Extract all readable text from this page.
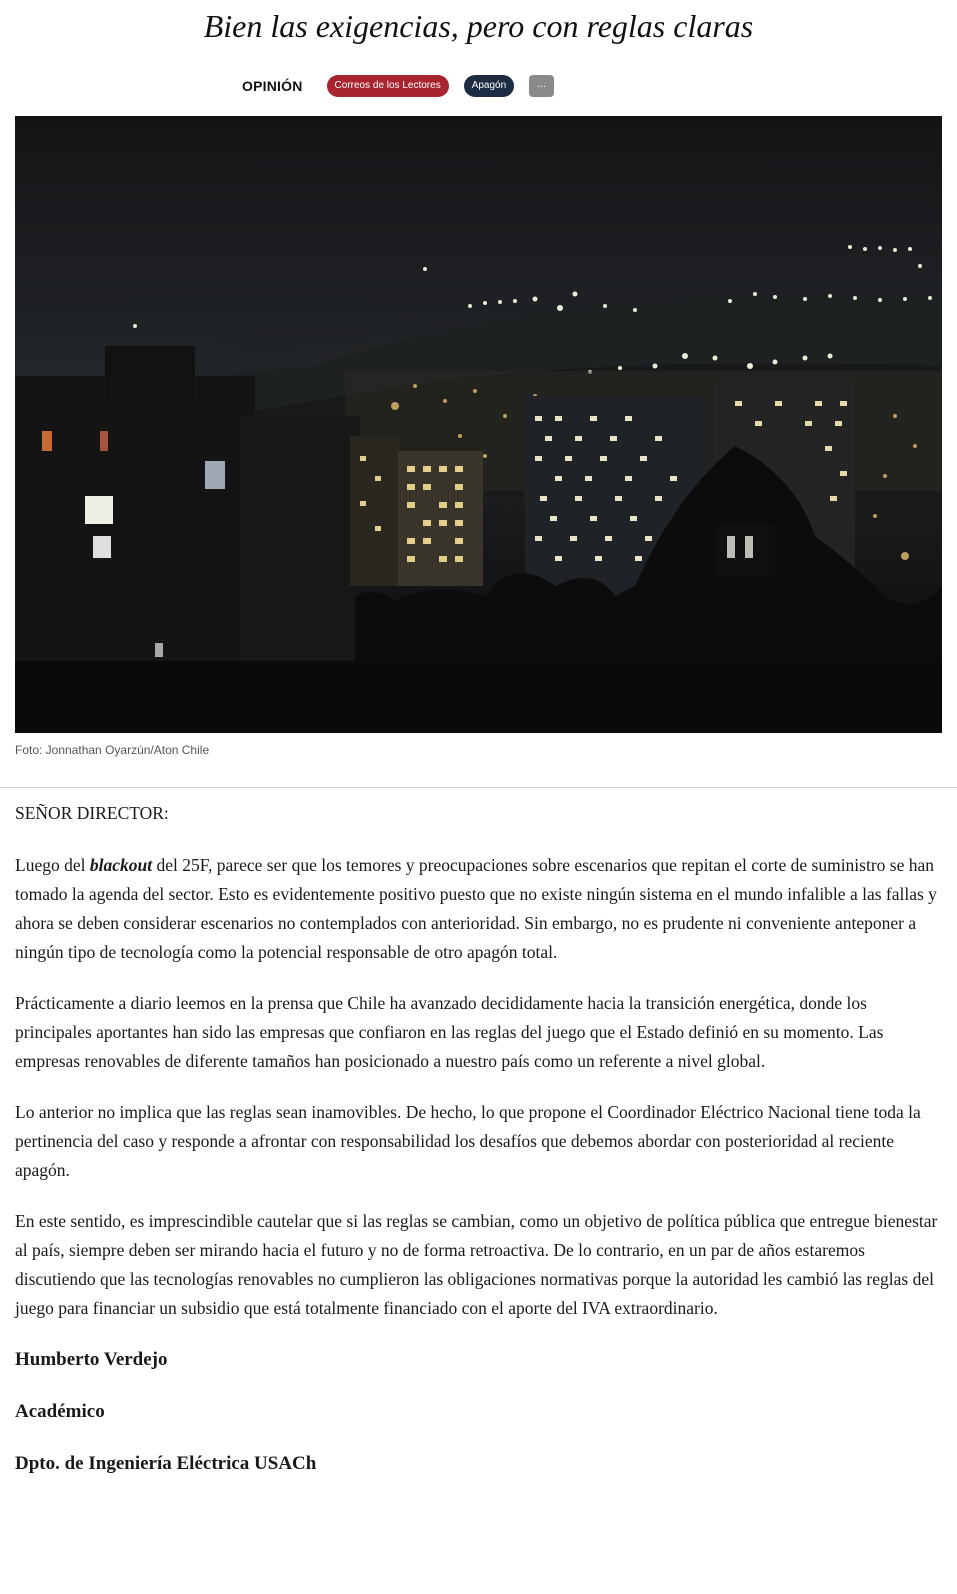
Bien las exigencias, pero con reglas claras
OPINIÓN	Correos de los Lectores	Apagón	...
Foto: Jonnathan Oyarzún/Aton Chile

SEÑOR DIRECTOR:

Luego del blackout del 25F, parece ser que los temores y preocupaciones sobre escenarios que repitan el corte de suministro se han tomado la agenda del sector. Esto es evidentemente positivo puesto que no existe ningún sistema en el mundo infalible a las fallas y ahora se deben considerar escenarios no contemplados con anterioridad. Sin embargo, no es prudente ni conveniente anteponer a ningún tipo de tecnología como la potencial responsable de otro apagón total.

Prácticamente a diario leemos en la prensa que Chile ha avanzado decididamente hacia la transición energética, donde los principales aportantes han sido las empresas que confiaron en las reglas del juego que el Estado definió en su momento. Las empresas renovables de diferente tamaños han posicionado a nuestro país como un referente a nivel global.

Lo anterior no implica que las reglas sean inamovibles. De hecho, lo que propone el Coordinador Eléctrico Nacional tiene toda la pertinencia del caso y responde a afrontar con responsabilidad los desafíos que debemos abordar con posterioridad al reciente apagón.

En este sentido, es imprescindible cautelar que si las reglas se cambian, como un objetivo de política pública que entregue bienestar al país, siempre deben ser mirando hacia el futuro y no de forma retroactiva. De lo contrario, en un par de años estaremos discutiendo que las tecnologías renovables no cumplieron las obligaciones normativas porque la autoridad les cambió las reglas del juego para financiar un subsidio que está totalmente financiado con el aporte del IVA extraordinario.

Humberto Verdejo

Académico

Dpto. de Ingeniería Eléctrica USACh
